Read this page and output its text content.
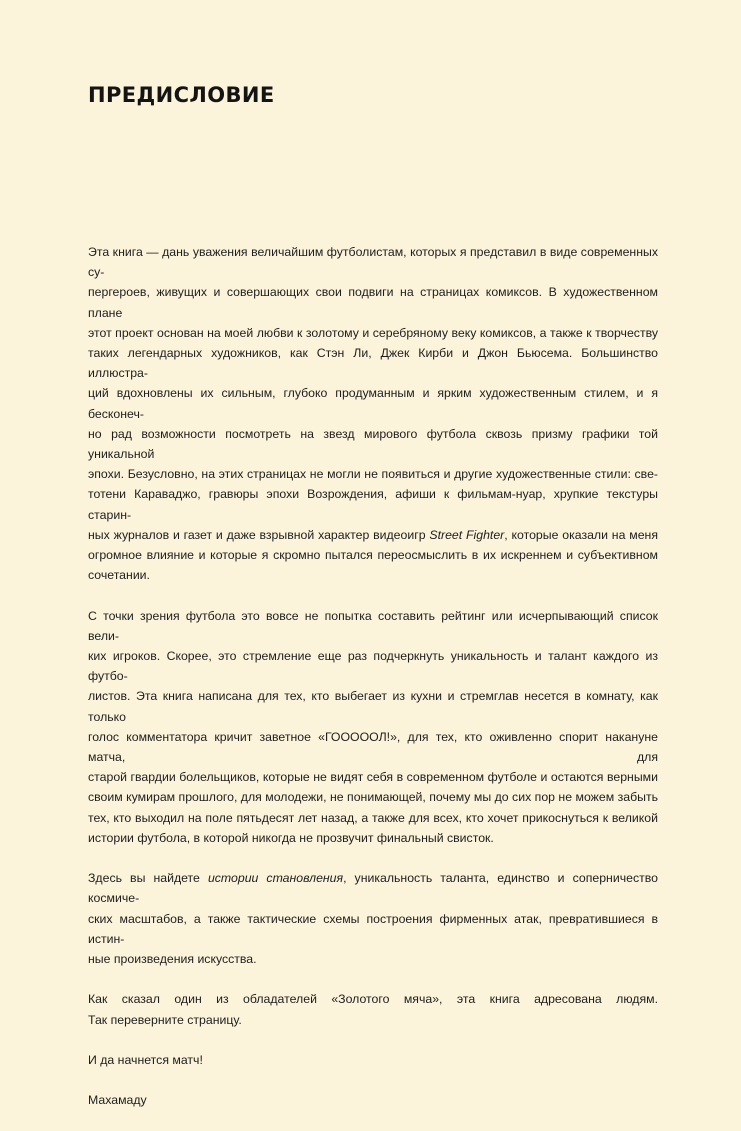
ПРЕДИСЛОВИЕ

Эта книга — дань уважения величайшим футболистам, которых я представил в виде современных су-
пергероев, живущих и совершающих свои подвиги на страницах комиксов. В художественном плане
этот проект основан на моей любви к золотому и серебряному веку комиксов, а также к творчеству
таких легендарных художников, как Стэн Ли, Джек Кирби и Джон Бьюсема. Большинство иллюстра-
ций вдохновлены их сильным, глубоко продуманным и ярким художественным стилем, и я бесконеч-
но рад возможности посмотреть на звезд мирового футбола сквозь призму графики той уникальной
эпохи. Безусловно, на этих страницах не могли не появиться и другие художественные стили: све-
тотени Караваджо, гравюры эпохи Возрождения, афиши к фильмам-нуар, хрупкие текстуры старин-
ных журналов и газет и даже взрывной характер видеоигр Street Fighter, которые оказали на меня
огромное влияние и которые я скромно пытался переосмыслить в их искреннем и субъективном
сочетании.

С точки зрения футбола это вовсе не попытка составить рейтинг или исчерпывающий список вели-
ких игроков. Скорее, это стремление еще раз подчеркнуть уникальность и талант каждого из футбо-
листов. Эта книга написана для тех, кто выбегает из кухни и стремглав несется в комнату, как только
голос комментатора кричит заветное «ГОООООЛ!», для тех, кто оживленно спорит накануне матча, для
старой гвардии болельщиков, которые не видят себя в современном футболе и остаются верными
своим кумирам прошлого, для молодежи, не понимающей, почему мы до сих пор не можем забыть
тех, кто выходил на поле пятьдесят лет назад, а также для всех, кто хочет прикоснуться к великой
истории футбола, в которой никогда не прозвучит финальный свисток.

Здесь вы найдете истории становления, уникальность таланта, единство и соперничество космиче-
ских масштабов, а также тактические схемы построения фирменных атак, превратившиеся в истин-
ные произведения искусства.

Как сказал один из обладателей «Золотого мяча», эта книга адресована людям.
Так переверните страницу.

И да начнется матч!

Махамаду
